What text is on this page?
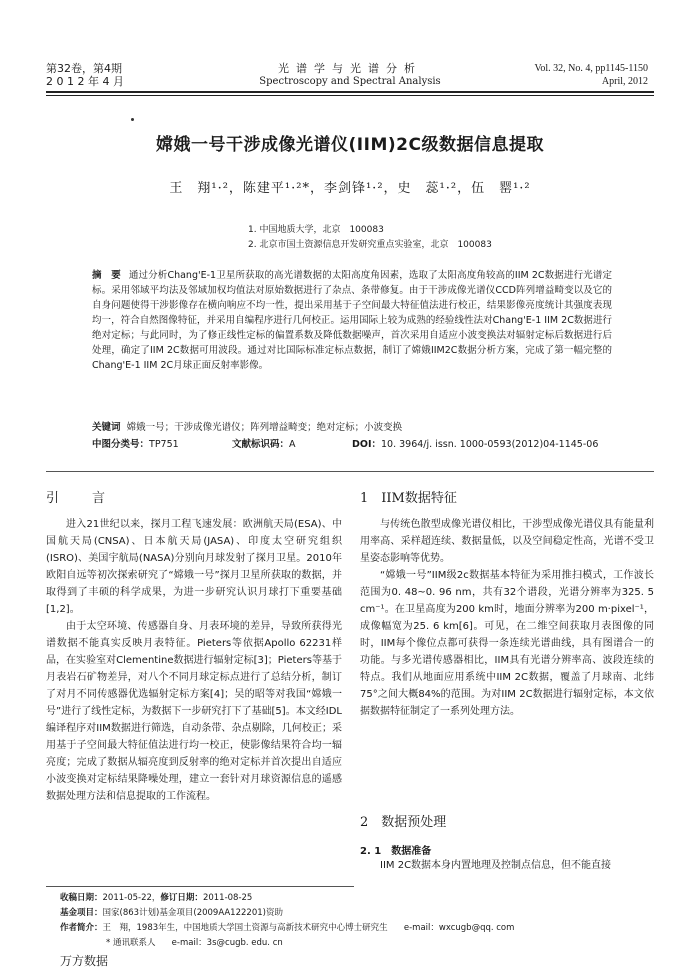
第32卷，第4期
2 0 1 2 年 4 月
光谱学与光谱分析
Spectroscopy and Spectral Analysis
Vol. 32, No. 4, pp1145-1150
April, 2012
嫦娥一号干涉成像光谱仪(IIM)2C级数据信息提取
王　翔¹·²，陈建平¹·²*，李剑锋¹·²，史　蕊¹·²，伍　罂¹·²
1. 中国地质大学，北京　100083
2. 北京市国土资源信息开发研究重点实验室，北京　100083
摘　要 通过分析Chang'E-1卫星所获取的高光谱数据的太阳高度角因素，选取了太阳高度角较高的IIM 2C数据进行光谱定标。采用邻域平均法及邻域加权均值法对原始数据进行了杂点、条带修复。由于干涉成像光谱仪CCD阵列增益畸变以及它的自身问题使得干涉影像存在横向响应不均一性，提出采用基于子空间最大特征值法进行校正，结果影像亮度统计其强度表现均一，符合自然图像特征，并采用自编程序进行几何校正。运用国际上较为成熟的经验线性法对Chang'E-1 IIM 2C数据进行绝对定标；与此同时，为了修正线性定标的偏置系数及降低数据噪声，首次采用自适应小波变换法对辐射定标后数据进行后处理，确定了IIM 2C数据可用波段。通过对比国际标准定标点数据，制订了嫦娥IIM2C数据分析方案，完成了第一幅完整的Chang'E-1 IIM 2C月球正面反射率影像。
关键词 嫦娥一号；干涉成像光谱仪；阵列增益畸变；绝对定标；小波变换
中图分类号：TP751	文献标识码：A	DOI：10. 3964/j. issn. 1000-0593(2012)04-1145-06
引　言

进入21世纪以来，探月工程飞速发展：欧洲航天局(ESA)、中国航天局(CNSA)、日本航天局(JASA)、印度太空研究组织(ISRO)、美国宇航局(NASA)分别向月球发射了探月卫星。2010年欧阳自远等初次探索研究了“嫦娥一号”探月卫星所获取的数据，并取得到了丰硕的科学成果，为进一步研究认识月球打下重要基础[1,2]。

由于太空环境、传感器自身、月表环境的差异，导致所获得光谱数据不能真实反映月表特征。Pieters等依据Apollo 62231样品，在实验室对Clementine数据进行辐射定标[3]；Pieters等基于月表岩石矿物差异，对八个不同月球定标点进行了总结分析，制订了对月不同传感器优选辐射定标方案[4]；吴的昭等对我国“嫦娥一号”进行了线性定标，为数据下一步研究打下了基础[5]。本文经IDL编译程序对IIM数据进行筛选，自动条带、杂点剔除，几何校正；采用基于子空间最大特征值法进行均一校正，使影像结果符合均一辐亮度；完成了数据从辐亮度到反射率的绝对定标并首次提出自适应小波变换对定标结果降噪处理，建立一套针对月球资源信息的遥感数据处理方法和信息提取的工作流程。

1　IIM数据特征

与传统色散型成像光谱仪相比，干涉型成像光谱仪具有能量利用率高、采样超连续、数据量低，以及空间稳定性高，光谱不受卫星姿态影响等优势。

“嫦娥一号”IIM级2c数据基本特征为采用推扫模式，工作波长范围为0. 48~0. 96 nm，共有32个谱段，光谱分辨率为325. 5 cm⁻¹。在卫星高度为200 km时，地面分辨率为200 m·pixel⁻¹，成像幅宽为25. 6 km[6]。可见，在二维空间获取月表图像的同时，IIM每个像位点都可获得一条连续光谱曲线，具有图谱合一的功能。与多光谱传感器相比，IIM具有光谱分辨率高、波段连续的特点。我们从地面应用系统中IIM 2C数据，覆盖了月球南、北纬75°之间大概84%的范围。为对IIM 2C数据进行辐射定标，本文依据数据特征制定了一系列处理方法。

2　数据预处理
2. 1　数据准备

IIM 2C数据本身内置地理及控制点信息，但不能直接

收稿日期：2011-05-22，修订日期：2011-08-25
基金项目：国家(863计划)基金项目(2009AA122201)资助
作者简介：王　翔，1983年生，中国地质大学国土资源与高新技术研究中心博士研究生 e-mail：wxcugb@qq. com
* 通讯联系人 e-mail：3s@cugb. edu. cn
万方数据
